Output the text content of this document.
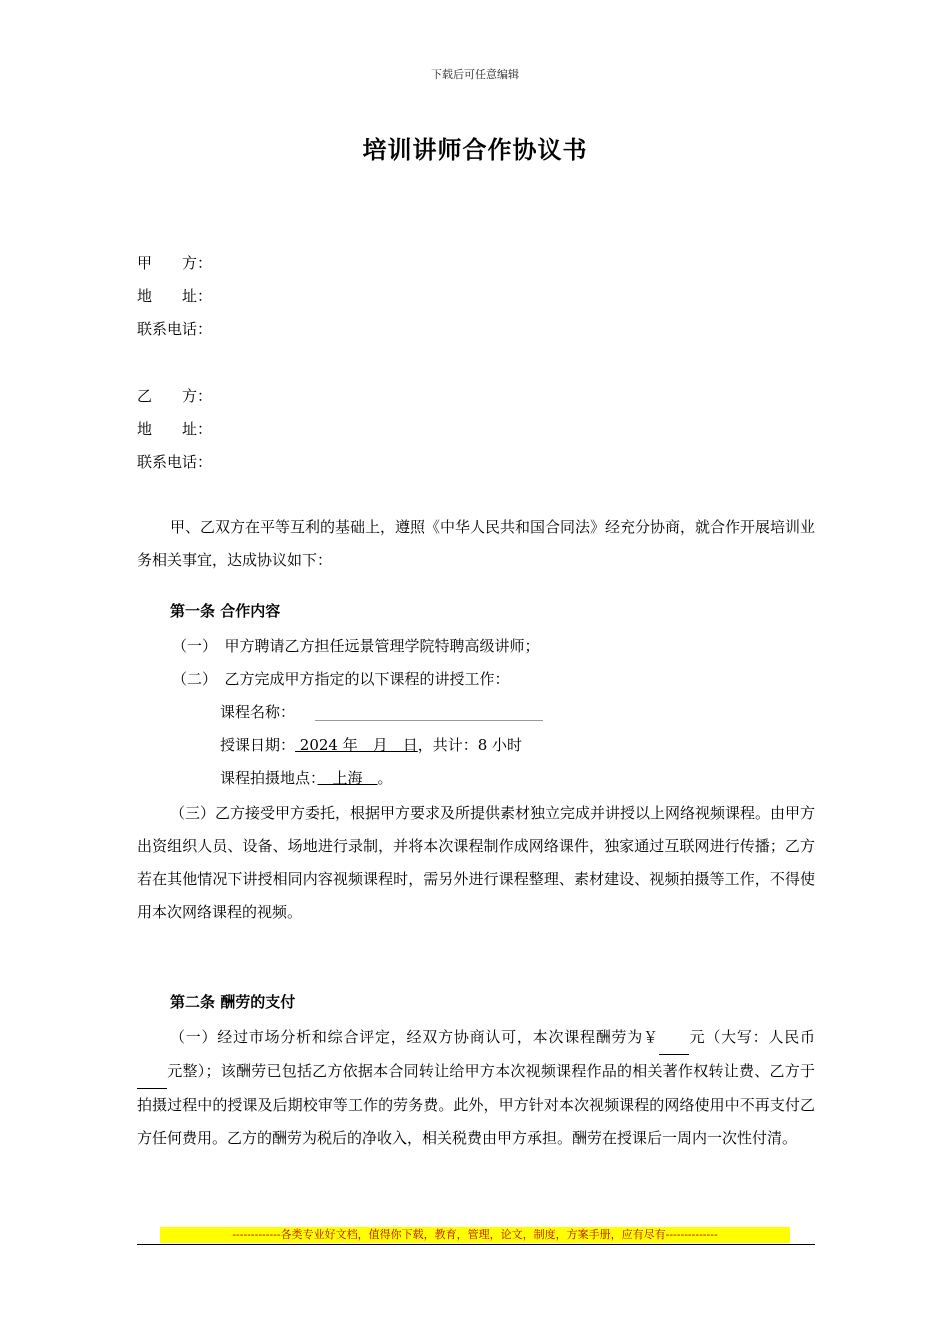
下载后可任意编辑
培训讲师合作协议书
甲　　方：
地　　址：
联系电话：
乙　　方：
地　　址：
联系电话：
甲、乙双方在平等互利的基础上，遵照《中华人民共和国合同法》经充分协商，就合作开展培训业务相关事宜，达成协议如下：
第一条 合作内容
（一）　甲方聘请乙方担任远景管理学院特聘高级讲师；
（二）　乙方完成甲方指定的以下课程的讲授工作：
课程名称：
授课日期： 2024 年　月　日，共计：8 小时
课程拍摄地点：　上海　。
（三）乙方接受甲方委托，根据甲方要求及所提供素材独立完成并讲授以上网络视频课程。由甲方出资组织人员、设备、场地进行录制，并将本次课程制作成网络课件，独家通过互联网进行传播；乙方若在其他情况下讲授相同内容视频课程时，需另外进行课程整理、素材建设、视频拍摄等工作，不得使用本次网络课程的视频。
第二条 酬劳的支付
（一）经过市场分析和综合评定，经双方协商认可，本次课程酬劳为￥ 元（大写：人民币元整）；该酬劳已包括乙方依据本合同转让给甲方本次视频课程作品的相关著作权转让费、乙方于拍摄过程中的授课及后期校审等工作的劳务费。此外，甲方针对本次视频课程的网络使用中不再支付乙方任何费用。乙方的酬劳为税后的净收入，相关税费由甲方承担。酬劳在授课后一周内一次性付清。
-------------各类专业好文档，值得你下载，教育，管理，论文，制度，方案手册，应有尽有--------------
